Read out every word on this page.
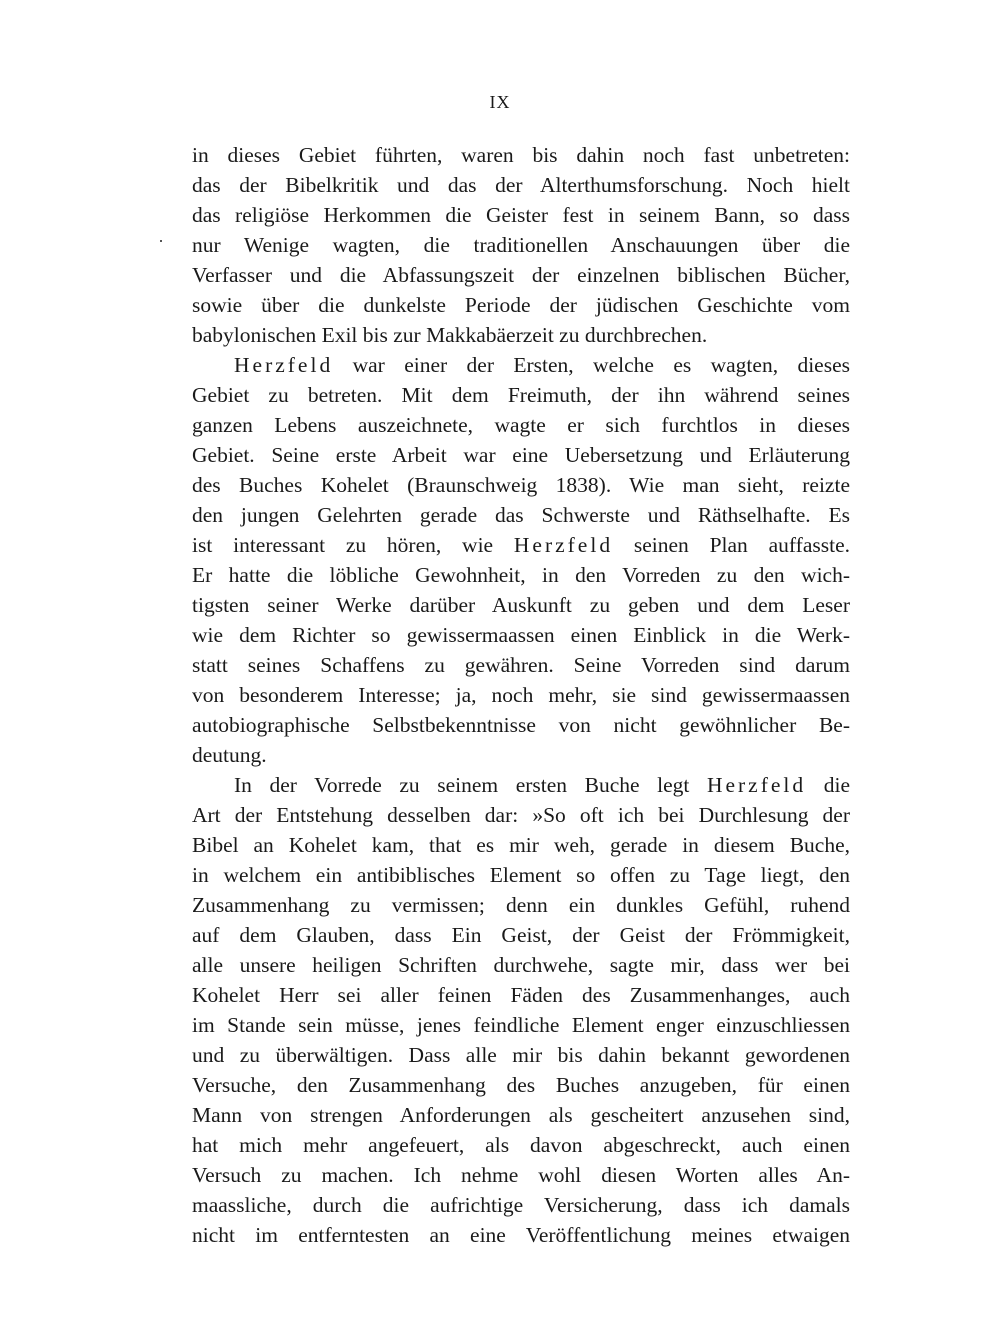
IX
in dieses Gebiet führten, waren bis dahin noch fast unbetreten:
das der Bibelkritik und das der Alterthumsforschung. Noch hielt
das religiöse Herkommen die Geister fest in seinem Bann, so dass
nur Wenige wagten, die traditionellen Anschauungen über die
Verfasser und die Abfassungszeit der einzelnen biblischen Bücher,
sowie über die dunkelste Periode der jüdischen Geschichte vom
babylonischen Exil bis zur Makkabäerzeit zu durchbrechen.
Herzfeld war einer der Ersten, welche es wagten, dieses
Gebiet zu betreten. Mit dem Freimuth, der ihn während seines
ganzen Lebens auszeichnete, wagte er sich furchtlos in dieses
Gebiet. Seine erste Arbeit war eine Uebersetzung und Erläuterung
des Buches Kohelet (Braunschweig 1838). Wie man sieht, reizte
den jungen Gelehrten gerade das Schwerste und Räthselhafte. Es
ist interessant zu hören, wie Herzfeld seinen Plan auffasste.
Er hatte die löbliche Gewohnheit, in den Vorreden zu den wich-
tigsten seiner Werke darüber Auskunft zu geben und dem Leser
wie dem Richter so gewissermaassen einen Einblick in die Werk-
statt seines Schaffens zu gewähren. Seine Vorreden sind darum
von besonderem Interesse; ja, noch mehr, sie sind gewissermaassen
autobiographische Selbstbekenntnisse von nicht gewöhnlicher Be-
deutung.
In der Vorrede zu seinem ersten Buche legt Herzfeld die
Art der Entstehung desselben dar: »So oft ich bei Durchlesung der
Bibel an Kohelet kam, that es mir weh, gerade in diesem Buche,
in welchem ein antibiblisches Element so offen zu Tage liegt, den
Zusammenhang zu vermissen; denn ein dunkles Gefühl, ruhend
auf dem Glauben, dass Ein Geist, der Geist der Frömmigkeit,
alle unsere heiligen Schriften durchwehe, sagte mir, dass wer bei
Kohelet Herr sei aller feinen Fäden des Zusammenhanges, auch
im Stande sein müsse, jenes feindliche Element enger einzuschliessen
und zu überwältigen. Dass alle mir bis dahin bekannt gewordenen
Versuche, den Zusammenhang des Buches anzugeben, für einen
Mann von strengen Anforderungen als gescheitert anzusehen sind,
hat mich mehr angefeuert, als davon abgeschreckt, auch einen
Versuch zu machen. Ich nehme wohl diesen Worten alles An-
maassliche, durch die aufrichtige Versicherung, dass ich damals
nicht im entferntesten an eine Veröffentlichung meines etwaigen
